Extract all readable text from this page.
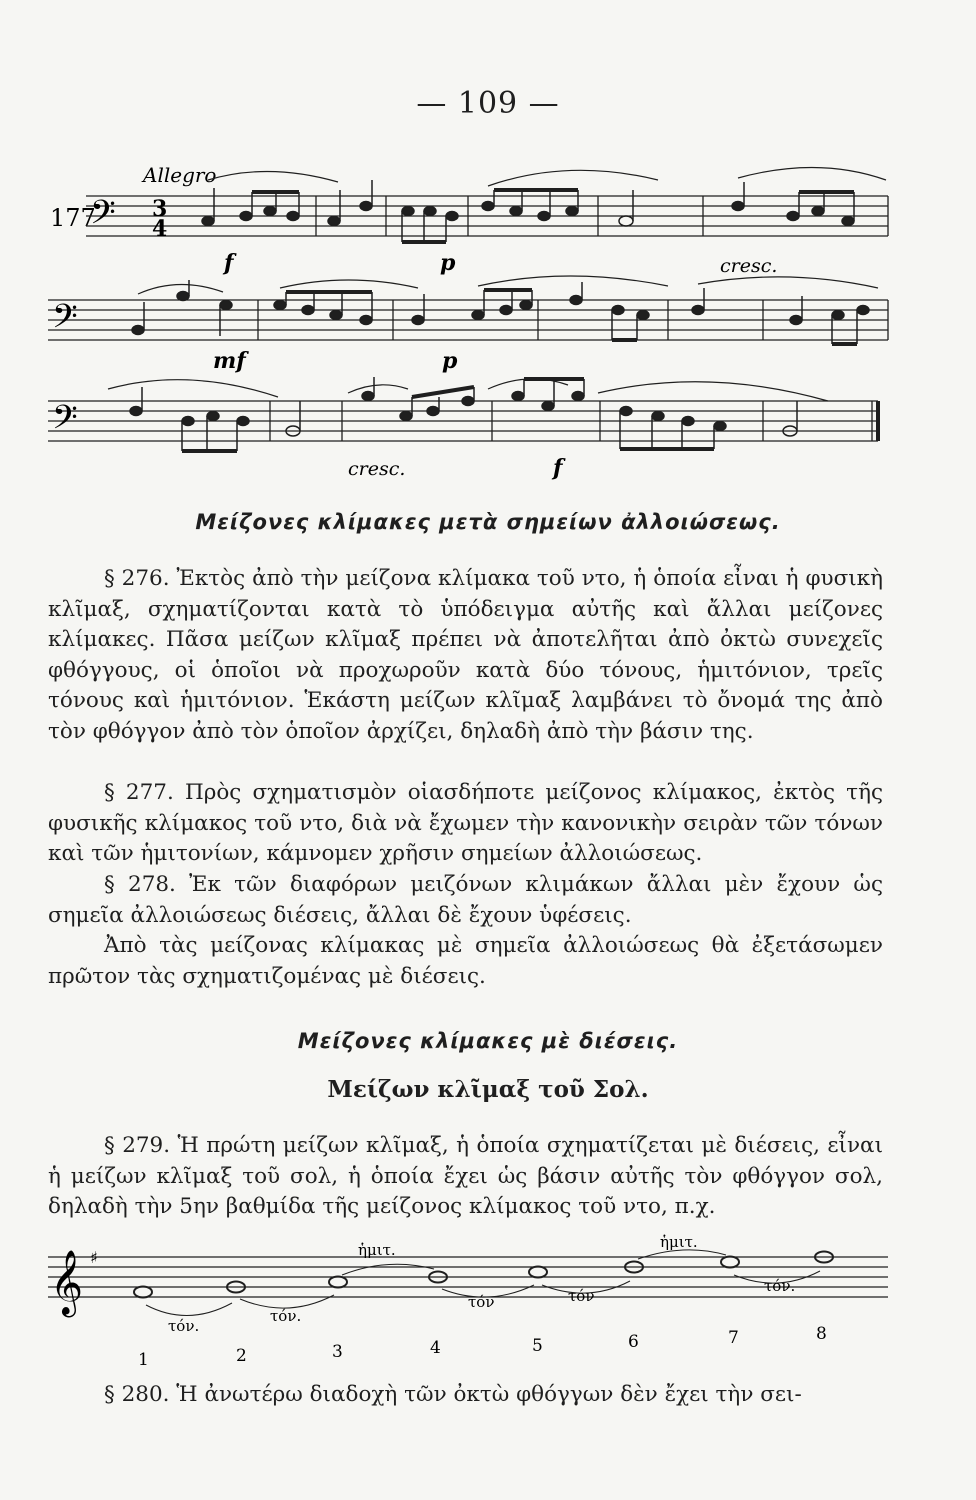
— 109 —
Allegro
177
𝄢 3
4
f	p	cresc.
𝄢
mf	p
𝄢
cresc.	f
Μείζονες κλίμακες μετὰ σημείων ἀλλοιώσεως.

§ 276. Ἐκτὸς ἀπὸ τὴν μείζονα κλίμακα τοῦ ντο, ἡ ὁποία εἶναι ἡ φυσικὴ κλῖμαξ, σχηματίζονται κατὰ τὸ ὑπόδειγμα αὐτῆς καὶ ἄλλαι μείζονες κλίμακες. Πᾶσα μείζων κλῖμαξ πρέπει νὰ ἀποτελῆται ἀπὸ ὀκτὼ συνεχεῖς φθόγγους, οἱ ὁποῖοι νὰ προχωροῦν κατὰ δύο τόνους, ἡμιτόνιον, τρεῖς τόνους καὶ ἡμιτόνιον. Ἑκάστη μείζων κλῖμαξ λαμβάνει τὸ ὄνομά της ἀπὸ τὸν φθόγγον ἀπὸ τὸν ὁποῖον ἀρχίζει, δηλαδὴ ἀπὸ τὴν βάσιν της.

§ 277. Πρὸς σχηματισμὸν οἱασδήποτε μείζονος κλίμακος, ἐκτὸς τῆς φυσικῆς κλίμακος τοῦ ντο, διὰ νὰ ἔχωμεν τὴν κανονικὴν σειρὰν τῶν τόνων καὶ τῶν ἡμιτονίων, κάμνομεν χρῆσιν σημείων ἀλλοιώσεως.

§ 278. Ἐκ τῶν διαφόρων μειζόνων κλιμάκων ἄλλαι μὲν ἔχουν ὡς σημεῖα ἀλλοιώσεως διέσεις, ἄλλαι δὲ ἔχουν ὑφέσεις.

Ἀπὸ τὰς μείζονας κλίμακας μὲ σημεῖα ἀλλοιώσεως θὰ ἐξετάσωμεν πρῶτον τὰς σχηματιζομένας μὲ διέσεις.

Μείζονες κλίμακες μὲ διέσεις.
Μείζων κλῖμαξ τοῦ Σολ.

§ 279. Ἡ πρώτη μείζων κλῖμαξ, ἡ ὁποία σχηματίζεται μὲ διέσεις, εἶναι ἡ μείζων κλῖμαξ τοῦ σολ, ἡ ὁποία ἔχει ὡς βάσιν αὐτῆς τὸν φθόγγον σολ, δηλαδὴ τὴν 5ην βαθμίδα τῆς μείζονος κλίμακος τοῦ ντο, π.χ.

𝄞 ♯
τόν.
τόν.
ἡμιτ.
τόν	τόν
ἡμιτ.
τόν.
1	2	3	4	5	6	7	8

§ 280. Ἡ ἀνωτέρω διαδοχὴ τῶν ὀκτὼ φθόγγων δὲν ἔχει τὴν σει-
